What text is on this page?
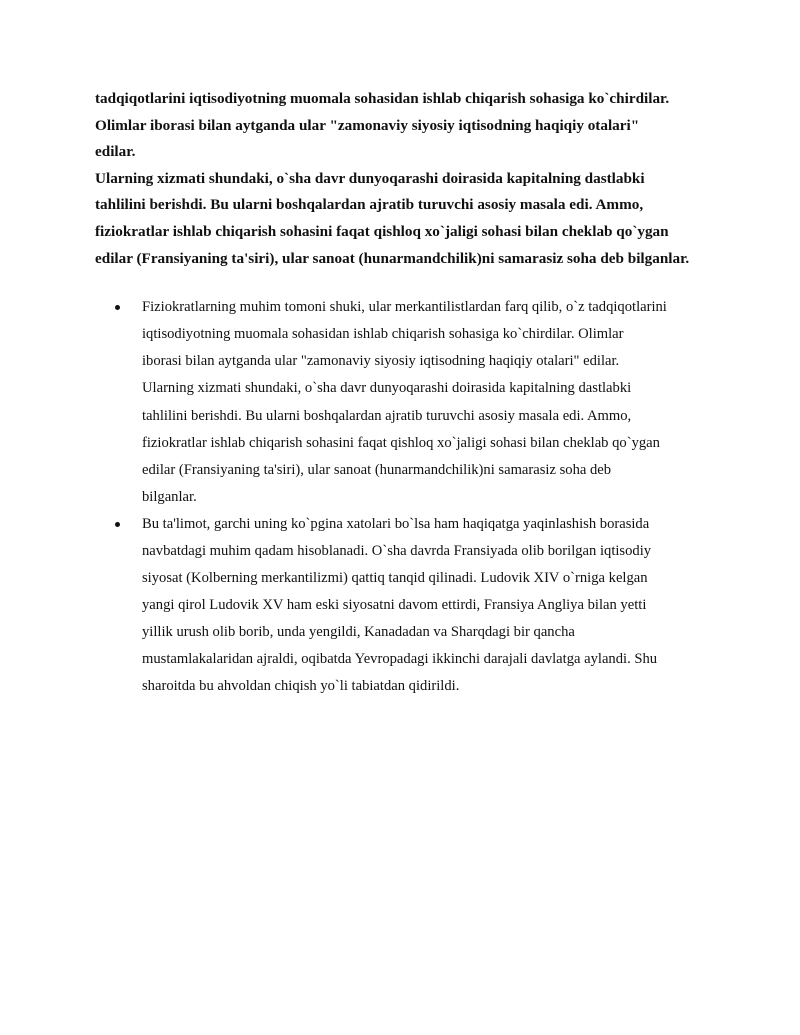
tadqiqotlarini iqtisodiyotning muomala sohasidan ishlab chiqarish sohasiga ko`chirdilar.
Olimlar iborasi bilan aytganda ular "zamonaviy siyosiy iqtisodning haqiqiy otalari"
edilar.
Ularning xizmati shundaki, o`sha davr dunyoqarashi doirasida kapitalning dastlabki
tahlilini berishdi. Bu ularni boshqalardan ajratib turuvchi asosiy masala edi. Ammo,
fiziokratlar ishlab chiqarish sohasini faqat qishloq xo`jaligi sohasi bilan cheklab qo`ygan
edilar (Fransiyaning ta'siri), ular sanoat (hunarmandchilik)ni samarasiz soha deb bilganlar.

Fiziokratlarning muhim tomoni shuki, ular merkantilistlardan farq qilib, o`z tadqiqotlarini
iqtisodiyotning muomala sohasidan ishlab chiqarish sohasiga ko`chirdilar. Olimlar
iborasi bilan aytganda ular "zamonaviy siyosiy iqtisodning haqiqiy otalari" edilar.
Ularning xizmati shundaki, o`sha davr dunyoqarashi doirasida kapitalning dastlabki
tahlilini berishdi. Bu ularni boshqalardan ajratib turuvchi asosiy masala edi. Ammo,
fiziokratlar ishlab chiqarish sohasini faqat qishloq xo`jaligi sohasi bilan cheklab qo`ygan
edilar (Fransiyaning ta'siri), ular sanoat (hunarmandchilik)ni samarasiz soha deb
bilganlar.
Bu ta'limot, garchi uning ko`pgina xatolari bo`lsa ham haqiqatga yaqinlashish borasida
navbatdagi muhim qadam hisoblanadi. O`sha davrda Fransiyada olib borilgan iqtisodiy
siyosat (Kolberning merkantilizmi) qattiq tanqid qilinadi. Ludovik XIV o`rniga kelgan
yangi qirol Ludovik XV ham eski siyosatni davom ettirdi, Fransiya Angliya bilan yetti
yillik urush olib borib, unda yengildi, Kanadadan va Sharqdagi bir qancha
mustamlakalaridan ajraldi, oqibatda Yevropadagi ikkinchi darajali davlatga aylandi. Shu
sharoitda bu ahvoldan chiqish yo`li tabiatdan qidirildi.
